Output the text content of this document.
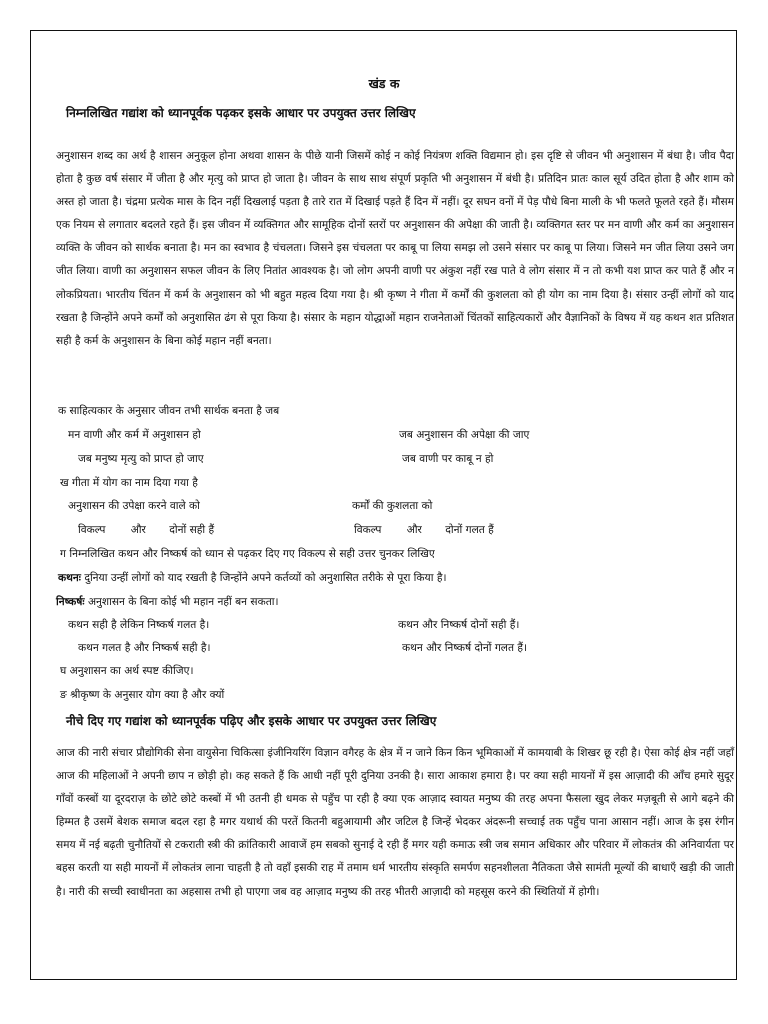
खंड क
निम्नलिखित गद्यांश को ध्यानपूर्वक पढ़कर इसके आधार पर उपयुक्त उत्तर लिखिए
अनुशासन शब्द का अर्थ है शासन अनुकूल होना अथवा शासन के पीछे यानी जिसमें कोई न कोई नियंत्रण शक्ति विद्यमान हो। इस दृष्टि से जीवन भी अनुशासन में बंधा है। जीव पैदा होता है कुछ वर्ष संसार में जीता है और मृत्यु को प्राप्त हो जाता है। जीवन के साथ साथ संपूर्ण प्रकृति भी अनुशासन में बंधी है। प्रतिदिन प्रातः काल सूर्य उदित होता है और शाम को अस्त हो जाता है। चंद्रमा प्रत्येक मास के दिन नहीं दिखलाई पड़ता है तारे रात में दिखाई पड़ते हैं दिन में नहीं। दूर सघन वनों में पेड़ पौधे बिना माली के भी फलते फूलते रहते हैं। मौसम एक नियम से लगातार बदलते रहते हैं। इस जीवन में व्यक्तिगत और सामूहिक दोनों स्तरों पर अनुशासन की अपेक्षा की जाती है। व्यक्तिगत स्तर पर मन वाणी और कर्म का अनुशासन व्यक्ति के जीवन को सार्थक बनाता है। मन का स्वभाव है चंचलता। जिसने इस चंचलता पर काबू पा लिया समझ लो उसने संसार पर काबू पा लिया। जिसने मन जीत लिया उसने जग जीत लिया। वाणी का अनुशासन सफल जीवन के लिए नितांत आवश्यक है। जो लोग अपनी वाणी पर अंकुश नहीं रख पाते वे लोग संसार में न तो कभी यश प्राप्त कर पाते हैं और न लोकप्रियता। भारतीय चिंतन में कर्म के अनुशासन को भी बहुत महत्व दिया गया है। श्री कृष्ण ने गीता में कर्मों की कुशलता को ही योग का नाम दिया है। संसार उन्हीं लोगों को याद रखता है जिन्होंने अपने कर्मों को अनुशासित ढंग से पूरा किया है। संसार के महान योद्धाओं महान राजनेताओं चिंतकों साहित्यकारों और वैज्ञानिकों के विषय में यह कथन शत प्रतिशत सही है कर्म के अनुशासन के बिना कोई महान नहीं बनता।
क साहित्यकार के अनुसार जीवन तभी सार्थक बनता है जब
मन वाणी और कर्म में अनुशासन हो	जब अनुशासन की अपेक्षा की जाए
जब मनुष्य मृत्यु को प्राप्त हो जाए	जब वाणी पर काबू न हो
ख गीता में योग का नाम दिया गया है
अनुशासन की उपेक्षा करने वाले को	कर्मों की कुशलता को
विकल्प और दोनों सही हैं	विकल्प और दोनों गलत हैं
ग निम्नलिखित कथन और निष्कर्ष को ध्यान से पढ़कर दिए गए विकल्प से सही उत्तर चुनकर लिखिए
कथनः दुनिया उन्हीं लोगों को याद रखती है जिन्होंने अपने कर्तव्यों को अनुशासित तरीके से पूरा किया है।
निष्कर्षः अनुशासन के बिना कोई भी महान नहीं बन सकता।
कथन सही है लेकिन निष्कर्ष गलत है।	कथन और निष्कर्ष दोनों सही हैं।
कथन गलत है और निष्कर्ष सही है।	कथन और निष्कर्ष दोनों गलत हैं।
घ अनुशासन का अर्थ स्पष्ट कीजिए।
ङ श्रीकृष्ण के अनुसार योग क्या है और क्यों
नीचे दिए गए गद्यांश को ध्यानपूर्वक पढ़िए और इसके आधार पर उपयुक्त उत्तर लिखिए
आज की नारी संचार प्रौद्योगिकी सेना वायुसेना चिकित्सा इंजीनियरिंग विज्ञान वगैरह के क्षेत्र में न जाने किन किन भूमिकाओं में कामयाबी के शिखर छू रही है। ऐसा कोई क्षेत्र नहीं जहाँ आज की महिलाओं ने अपनी छाप न छोड़ी हो। कह सकते हैं कि आधी नहीं पूरी दुनिया उनकी है। सारा आकाश हमारा है। पर क्या सही मायनों में इस आज़ादी की आँच हमारे सुदूर गाँवों कस्बों या दूरदराज़ के छोटे छोटे कस्बों में भी उतनी ही धमक से पहुँच पा रही है क्या एक आज़ाद स्वायत मनुष्य की तरह अपना फैसला खुद लेकर मज़बूती से आगे बढ़ने की हिम्मत है उसमें बेशक समाज बदल रहा है मगर यथार्थ की परतें कितनी बहुआयामी और जटिल है जिन्हें भेदकर अंदरूनी सच्चाई तक पहुँच पाना आसान नहीं। आज के इस रंगीन समय में नई बढ़ती चुनौतियों से टकराती स्त्री की क्रांतिकारी आवाजें हम सबको सुनाई दे रही हैं मगर यही कमाऊ स्त्री जब समान अधिकार और परिवार में लोकतंत्र की अनिवार्यता पर बहस करती या सही मायनों में लोकतंत्र लाना चाहती है तो वहाँ इसकी राह में तमाम धर्म भारतीय संस्कृति समर्पण सहनशीलता नैतिकता जैसे सामंती मूल्यों की बाधाएँ खड़ी की जाती है। नारी की सच्ची स्वाधीनता का अहसास तभी हो पाएगा जब वह आज़ाद मनुष्य की तरह भीतरी आज़ादी को महसूस करने की स्थितियों में होगी।
